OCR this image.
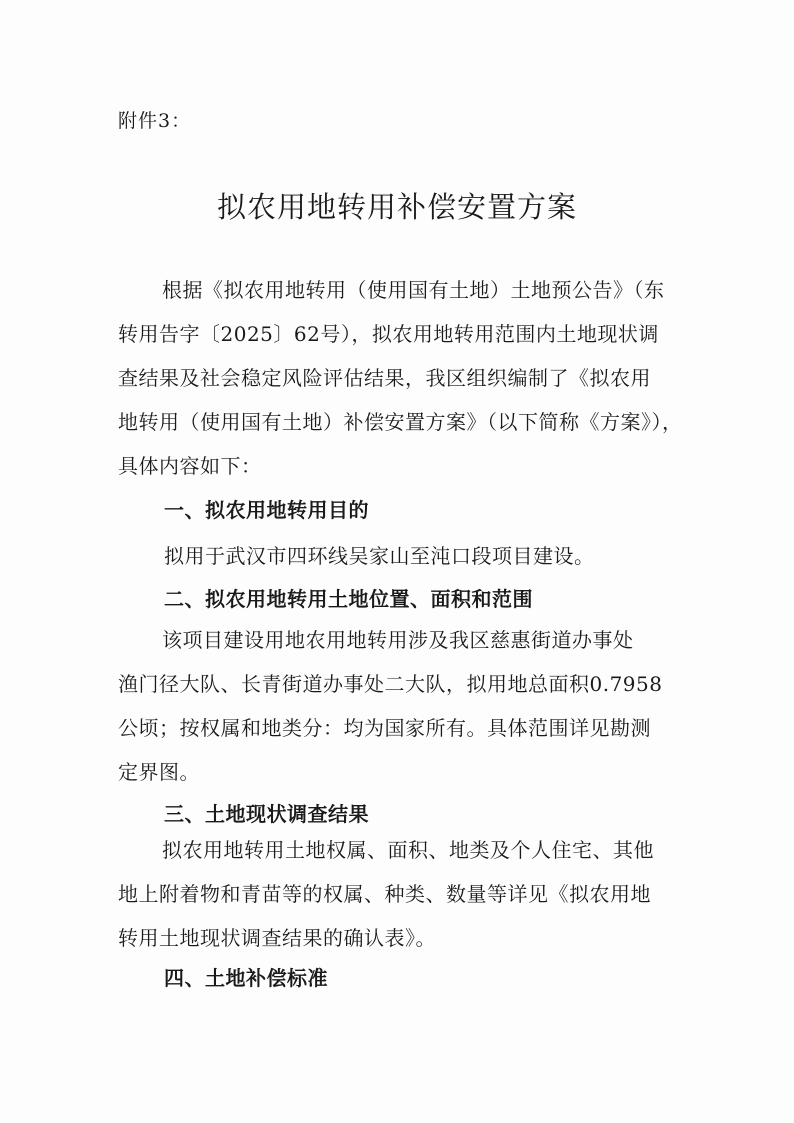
附件3：
拟农用地转用补偿安置方案
根据《拟农用地转用（使用国有土地）土地预公告》（东
转用告字〔2025〕62号），拟农用地转用范围内土地现状调
查结果及社会稳定风险评估结果，我区组织编制了《拟农用
地转用（使用国有土地）补偿安置方案》（以下简称《方案》），
具体内容如下：
一、拟农用地转用目的
拟用于武汉市四环线吴家山至沌口段项目建设。
二、拟农用地转用土地位置、面积和范围
该项目建设用地农用地转用涉及我区慈惠街道办事处
渔门径大队、长青街道办事处二大队，拟用地总面积0.7958
公顷；按权属和地类分：均为国家所有。具体范围详见勘测
定界图。
三、土地现状调查结果
拟农用地转用土地权属、面积、地类及个人住宅、其他
地上附着物和青苗等的权属、种类、数量等详见《拟农用地
转用土地现状调查结果的确认表》。
四、土地补偿标准
